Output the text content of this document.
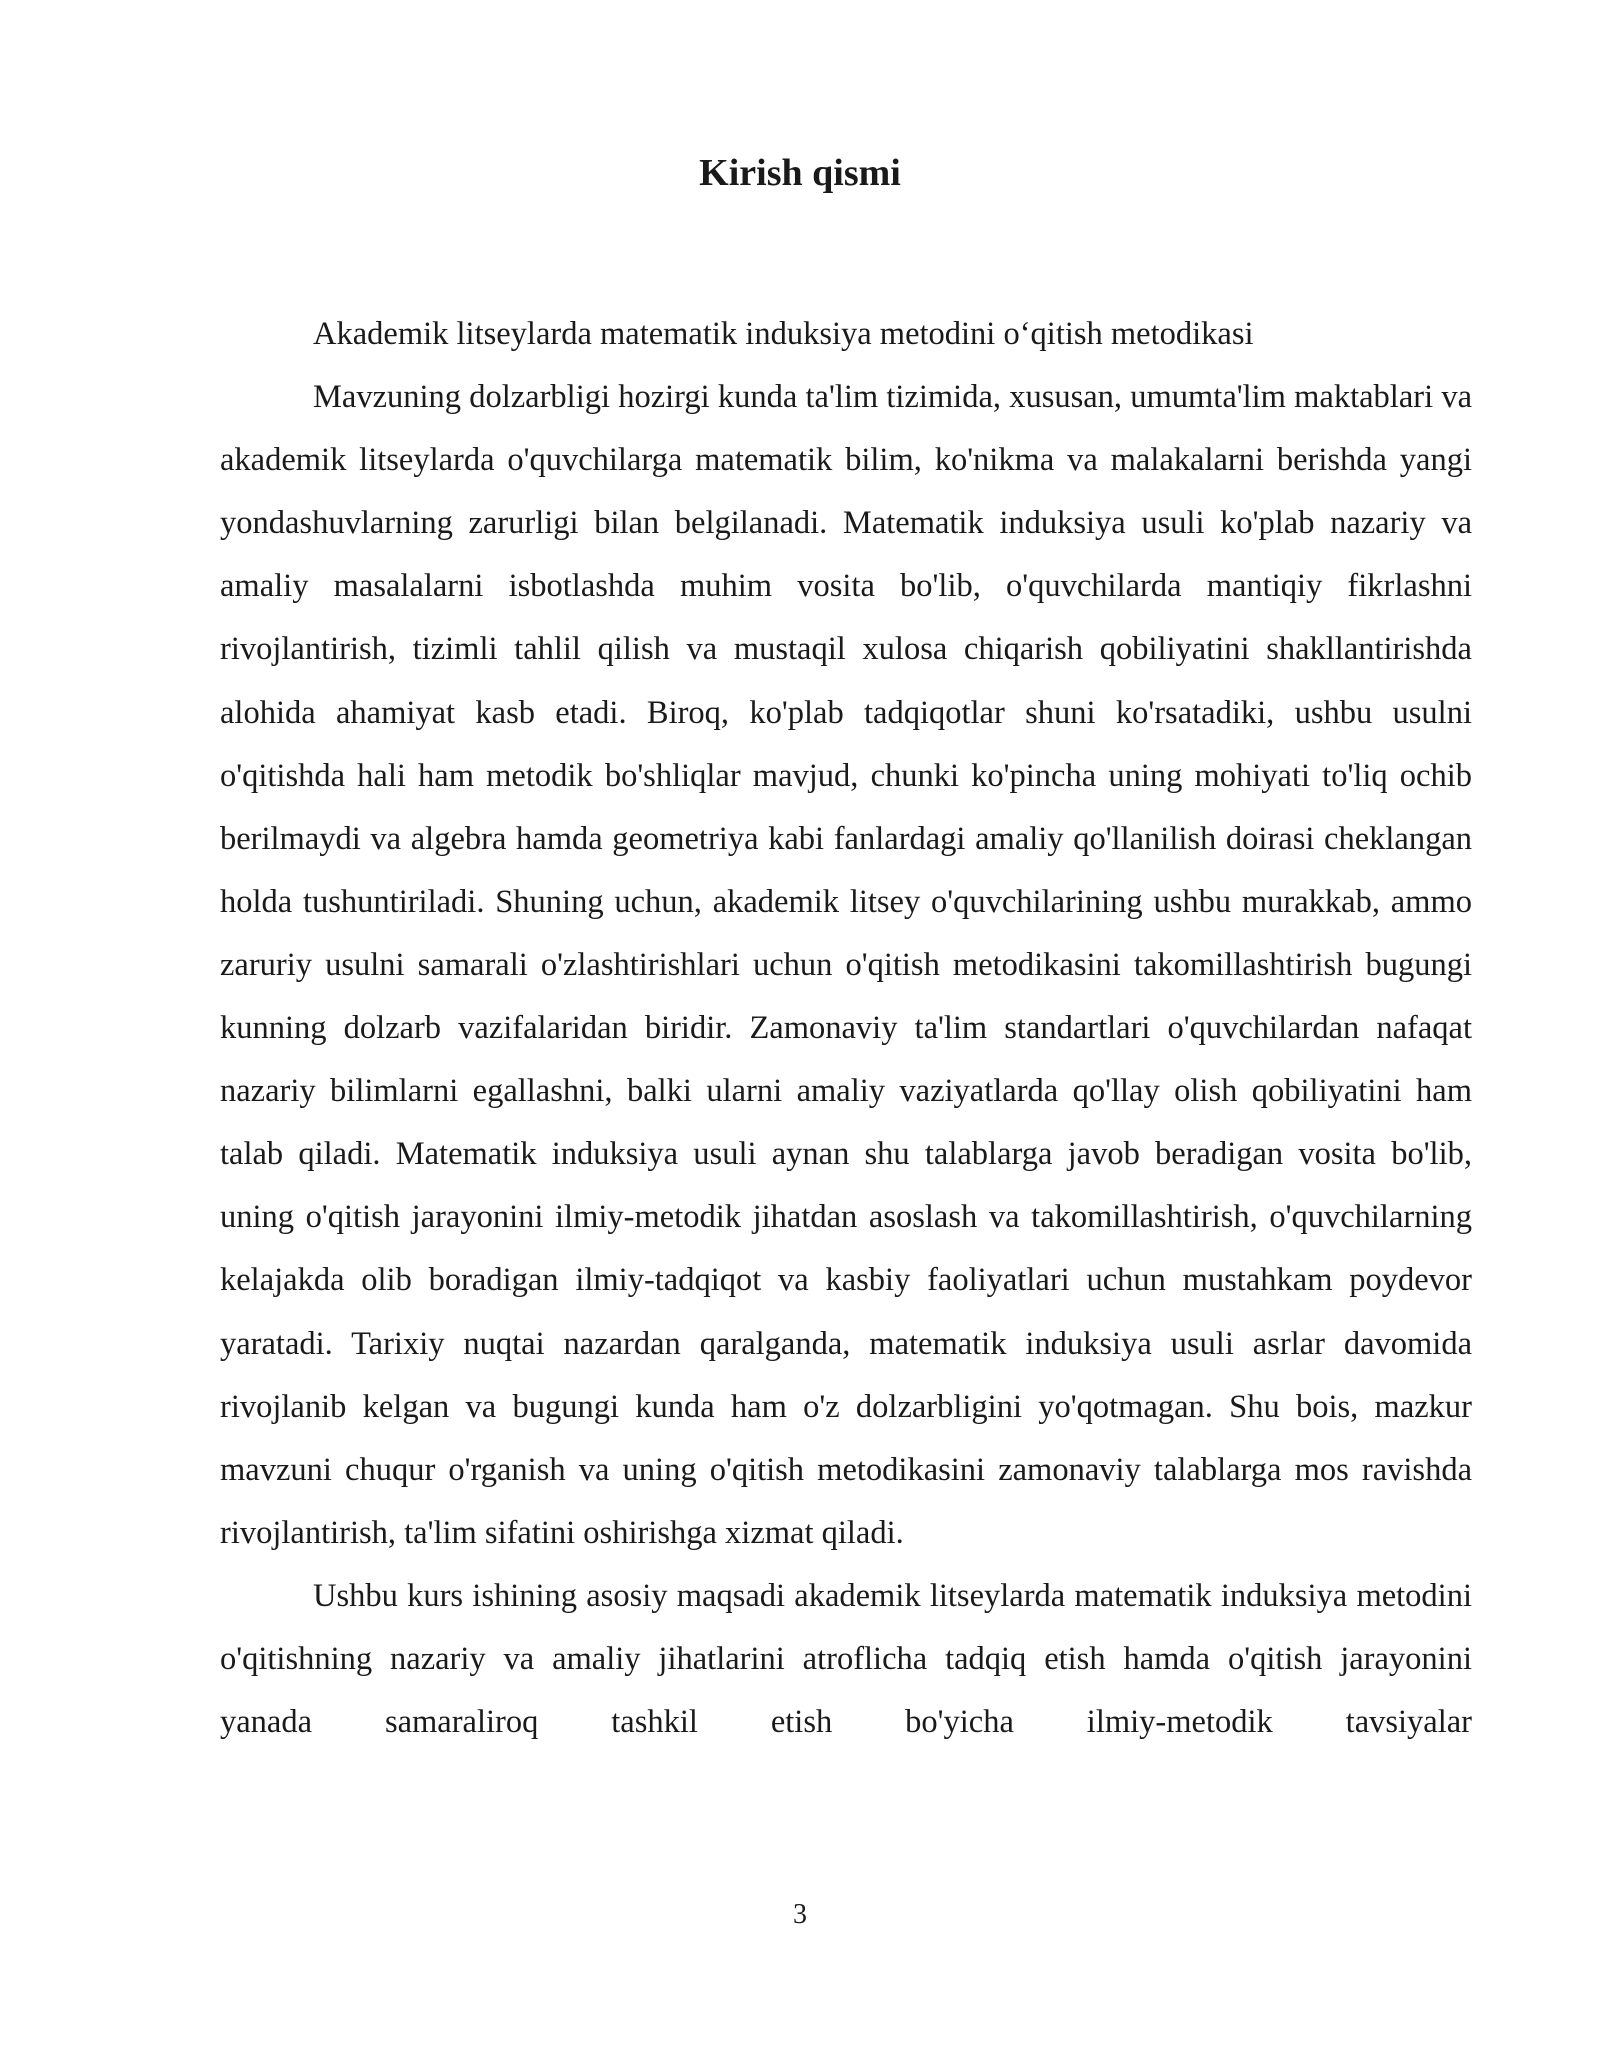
Kirish qismi

Akademik litseylarda matematik induksiya metodini o‘qitish metodikasi

Mavzuning dolzarbligi hozirgi kunda ta'lim tizimida, xususan, umumta'lim maktablari va akademik litseylarda o'quvchilarga matematik bilim, ko'nikma va malakalarni berishda yangi yondashuvlarning zarurligi bilan belgilanadi. Matematik induksiya usuli ko'plab nazariy va amaliy masalalarni isbotlashda muhim vosita bo'lib, o'quvchilarda mantiqiy fikrlashni rivojlantirish, tizimli tahlil qilish va mustaqil xulosa chiqarish qobiliyatini shakllantirishda alohida ahamiyat kasb etadi. Biroq, ko'plab tadqiqotlar shuni ko'rsatadiki, ushbu usulni o'qitishda hali ham metodik bo'shliqlar mavjud, chunki ko'pincha uning mohiyati to'liq ochib berilmaydi va algebra hamda geometriya kabi fanlardagi amaliy qo'llanilish doirasi cheklangan holda tushuntiriladi. Shuning uchun, akademik litsey o'quvchilarining ushbu murakkab, ammo zaruriy usulni samarali o'zlashtirishlari uchun o'qitish metodikasini takomillashtirish bugungi kunning dolzarb vazifalaridan biridir. Zamonaviy ta'lim standartlari o'quvchilardan nafaqat nazariy bilimlarni egallashni, balki ularni amaliy vaziyatlarda qo'llay olish qobiliyatini ham talab qiladi. Matematik induksiya usuli aynan shu talablarga javob beradigan vosita bo'lib, uning o'qitish jarayonini ilmiy-metodik jihatdan asoslash va takomillashtirish, o'quvchilarning kelajakda olib boradigan ilmiy-tadqiqot va kasbiy faoliyatlari uchun mustahkam poydevor yaratadi. Tarixiy nuqtai nazardan qaralganda, matematik induksiya usuli asrlar davomida rivojlanib kelgan va bugungi kunda ham o'z dolzarbligini yo'qotmagan. Shu bois, mazkur mavzuni chuqur o'rganish va uning o'qitish metodikasini zamonaviy talablarga mos ravishda rivojlantirish, ta'lim sifatini oshirishga xizmat qiladi.

Ushbu kurs ishining asosiy maqsadi akademik litseylarda matematik induksiya metodini o'qitishning nazariy va amaliy jihatlarini atroflicha tadqiq etish hamda o'qitish jarayonini yanada samaraliroq tashkil etish bo'yicha ilmiy-metodik tavsiyalar

3
